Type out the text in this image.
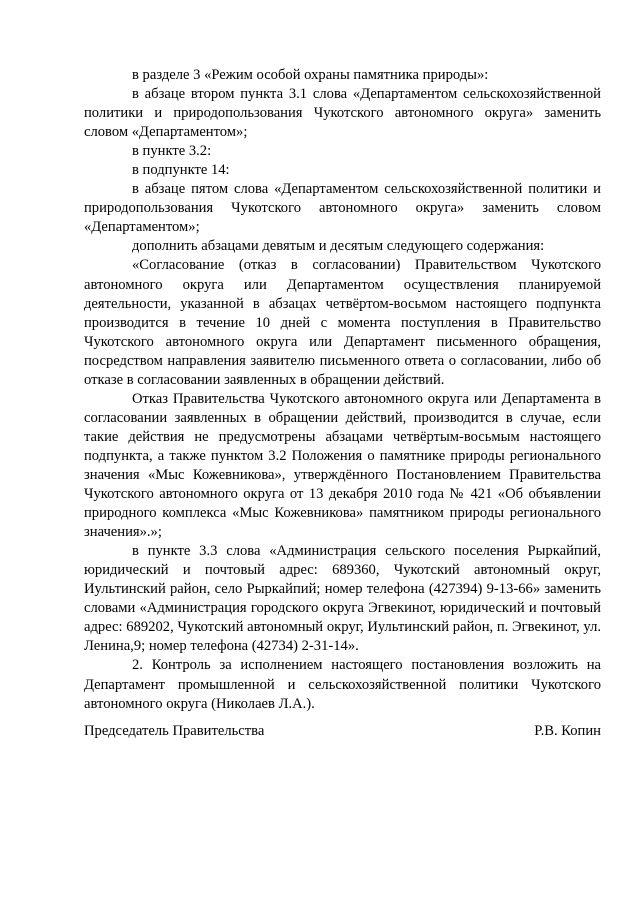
в разделе 3 «Режим особой охраны памятника природы»:

в абзаце втором пункта 3.1 слова «Департаментом сельскохозяйственной политики и природопользования Чукотского автономного округа» заменить словом «Департаментом»;

в пункте 3.2:

в подпункте 14:

в абзаце пятом слова «Департаментом сельскохозяйственной политики и природопользования Чукотского автономного округа» заменить словом «Департаментом»;

дополнить абзацами девятым и десятым следующего содержания:

«Согласование (отказ в согласовании) Правительством Чукотского автономного округа или Департаментом осуществления планируемой деятельности, указанной в абзацах четвёртом-восьмом настоящего подпункта производится в течение 10 дней с момента поступления в Правительство Чукотского автономного округа или Департамент письменного обращения, посредством направления заявителю письменного ответа о согласовании, либо об отказе в согласовании заявленных в обращении действий.

Отказ Правительства Чукотского автономного округа или Департамента в согласовании заявленных в обращении действий, производится в случае, если такие действия не предусмотрены абзацами четвёртым-восьмым настоящего подпункта, а также пунктом 3.2 Положения о памятнике природы регионального значения «Мыс Кожевникова», утверждённого Постановлением Правительства Чукотского автономного округа от 13 декабря 2010 года № 421 «Об объявлении природного комплекса «Мыс Кожевникова» памятником природы регионального значения».»;

в пункте 3.3 слова «Администрация сельского поселения Рыркайпий, юридический и почтовый адрес: 689360, Чукотский автономный округ, Иультинский район, село Рыркайпий; номер телефона (427394) 9-13-66» заменить словами «Администрация городского округа Эгвекинот, юридический и почтовый адрес: 689202, Чукотский автономный округ, Иультинский район, п. Эгвекинот, ул. Ленина,9; номер телефона (42734) 2-31-14».

2. Контроль за исполнением настоящего постановления возложить на Департамент промышленной и сельскохозяйственной политики Чукотского автономного округа (Николаев Л.А.).

Председатель Правительства	Р.В. Копин
